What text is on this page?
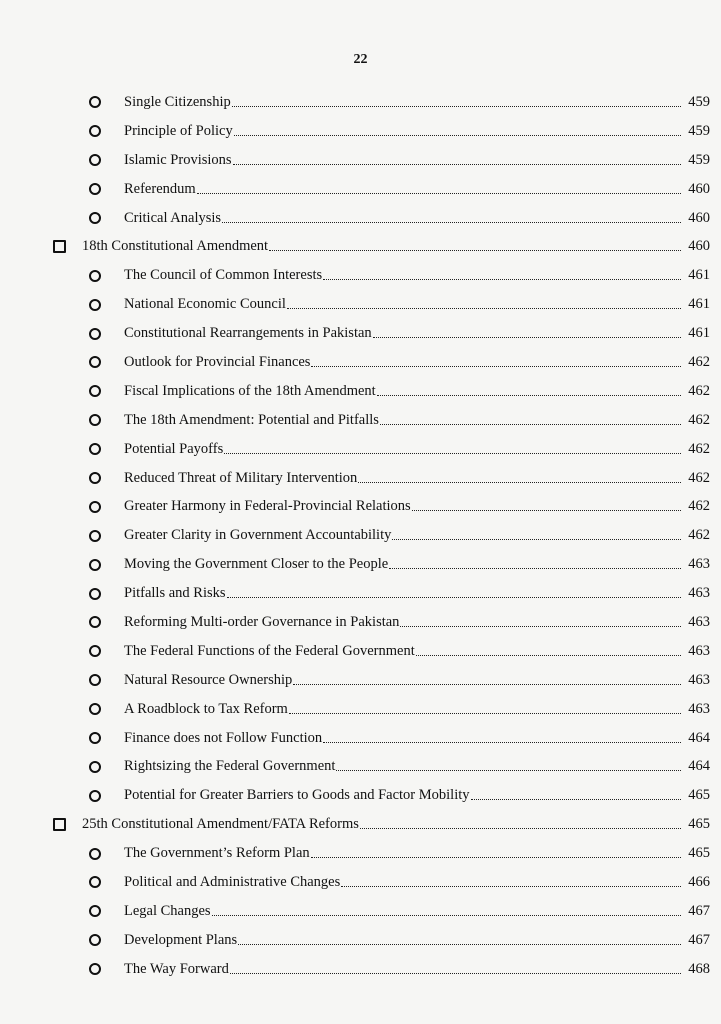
22
Single Citizenship	459
Principle of Policy	459
Islamic Provisions	459
Referendum	460
Critical Analysis	460
18th Constitutional Amendment	460
The Council of Common Interests	461
National Economic Council	461
Constitutional Rearrangements in Pakistan	461
Outlook for Provincial Finances	462
Fiscal Implications of the 18th Amendment	462
The 18th Amendment: Potential and Pitfalls	462
Potential Payoffs	462
Reduced Threat of Military Intervention	462
Greater Harmony in Federal-Provincial Relations	462
Greater Clarity in Government Accountability	462
Moving the Government Closer to the People	463
Pitfalls and Risks	463
Reforming Multi-order Governance in Pakistan	463
The Federal Functions of the Federal Government	463
Natural Resource Ownership	463
A Roadblock to Tax Reform	463
Finance does not Follow Function	464
Rightsizing the Federal Government	464
Potential for Greater Barriers to Goods and Factor Mobility	465
25th Constitutional Amendment/FATA Reforms	465
The Government’s Reform Plan	465
Political and Administrative Changes	466
Legal Changes	467
Development Plans	467
The Way Forward	468
